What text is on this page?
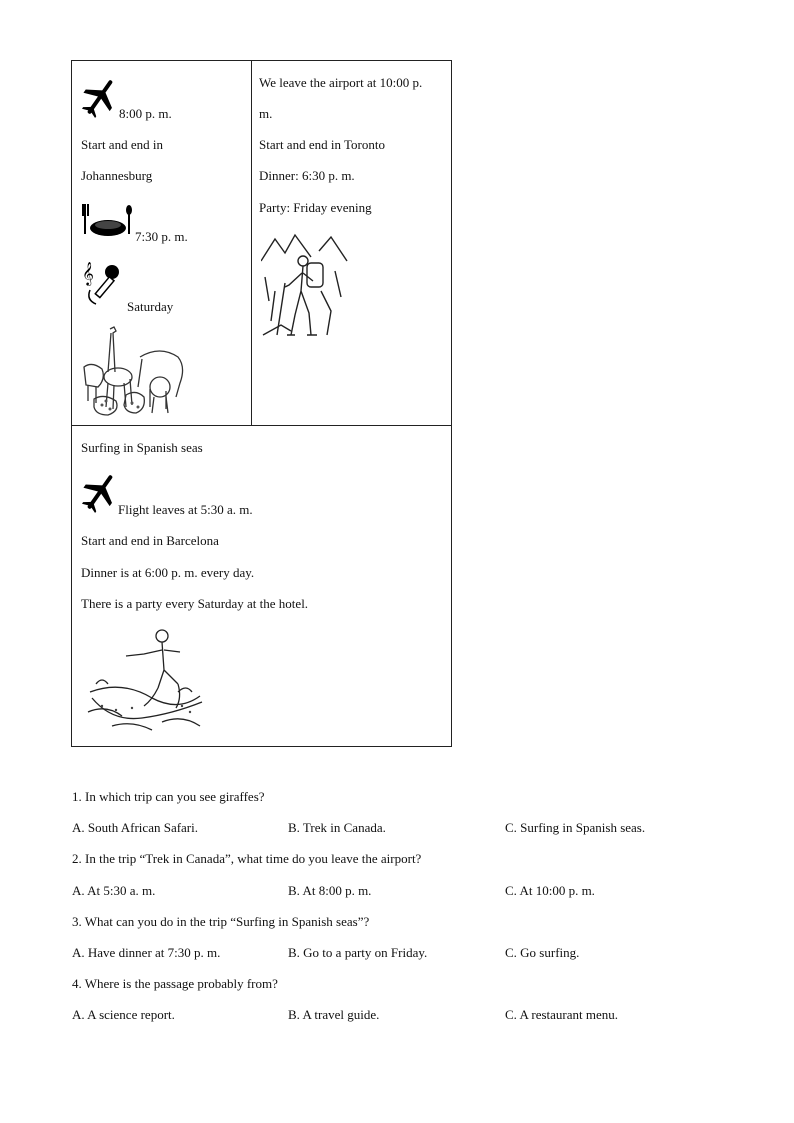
8:00 p. m.
Start and end in
Johannesburg
7:30 p. m.
𝄞
Saturday
We leave the airport at 10:00 p.
m.
Start and end in Toronto
Dinner: 6:30 p. m.
Party: Friday evening
Surfing in Spanish seas
Flight leaves at 5:30 a. m.
Start and end in Barcelona
Dinner is at 6:00 p. m. every day.
There is a party every Saturday at the hotel.
1. In which trip can you see giraffes?
A. South African Safari.	B. Trek in Canada.	C. Surfing in Spanish seas.
2. In the trip “Trek in Canada”, what time do you leave the airport?
A. At 5:30 a. m.	B. At 8:00 p. m.	C. At 10:00 p. m.
3. What can you do in the trip “Surfing in Spanish seas”?
A. Have dinner at 7:30 p. m.	B. Go to a party on Friday.	C. Go surfing.
4. Where is the passage probably from?
A. A science report.	B. A travel guide.	C. A restaurant menu.
